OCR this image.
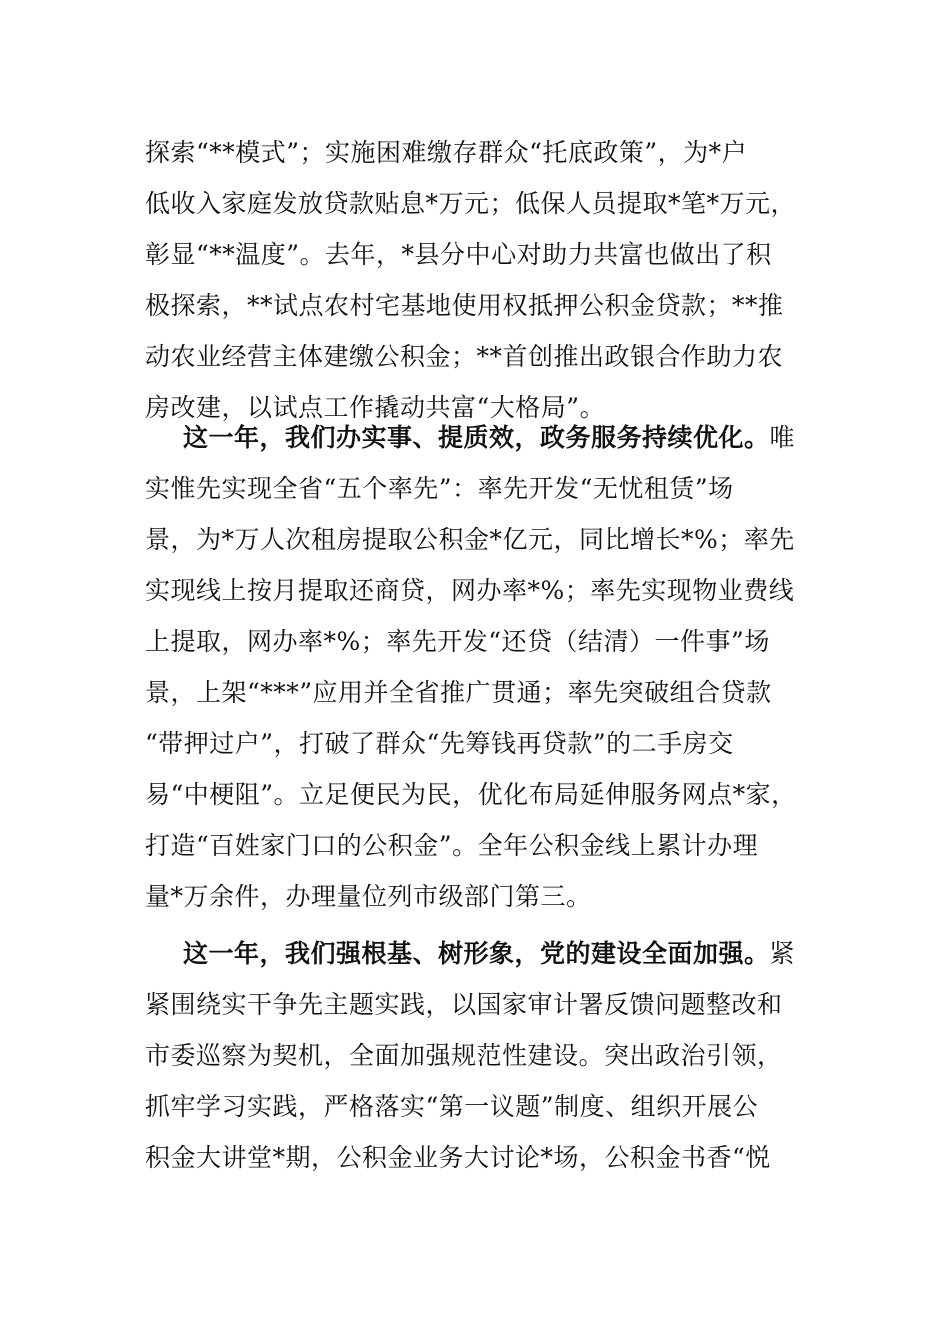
探索“**模式”；实施困难缴存群众“托底政策”，为*户
低收入家庭发放贷款贴息*万元；低保人员提取*笔*万元，
彰显“**温度”。去年，*县分中心对助力共富也做出了积
极探索，**试点农村宅基地使用权抵押公积金贷款；**推
动农业经营主体建缴公积金；**首创推出政银合作助力农
房改建，以试点工作撬动共富“大格局”。
这一年，我们办实事、提质效，政务服务持续优化。唯
实惟先实现全省“五个率先”：率先开发“无忧租赁”场
景，为*万人次租房提取公积金*亿元，同比增长*%；率先
实现线上按月提取还商贷，网办率*%；率先实现物业费线
上提取，网办率*%；率先开发“还贷（结清）一件事”场
景，上架“***”应用并全省推广贯通；率先突破组合贷款
“带押过户”，打破了群众“先筹钱再贷款”的二手房交
易“中梗阻”。立足便民为民，优化布局延伸服务网点*家，
打造“百姓家门口的公积金”。全年公积金线上累计办理
量*万余件，办理量位列市级部门第三。
这一年，我们强根基、树形象，党的建设全面加强。紧
紧围绕实干争先主题实践，以国家审计署反馈问题整改和
市委巡察为契机，全面加强规范性建设。突出政治引领，
抓牢学习实践，严格落实“第一议题”制度、组织开展公
积金大讲堂*期，公积金业务大讨论*场，公积金书香“悦
